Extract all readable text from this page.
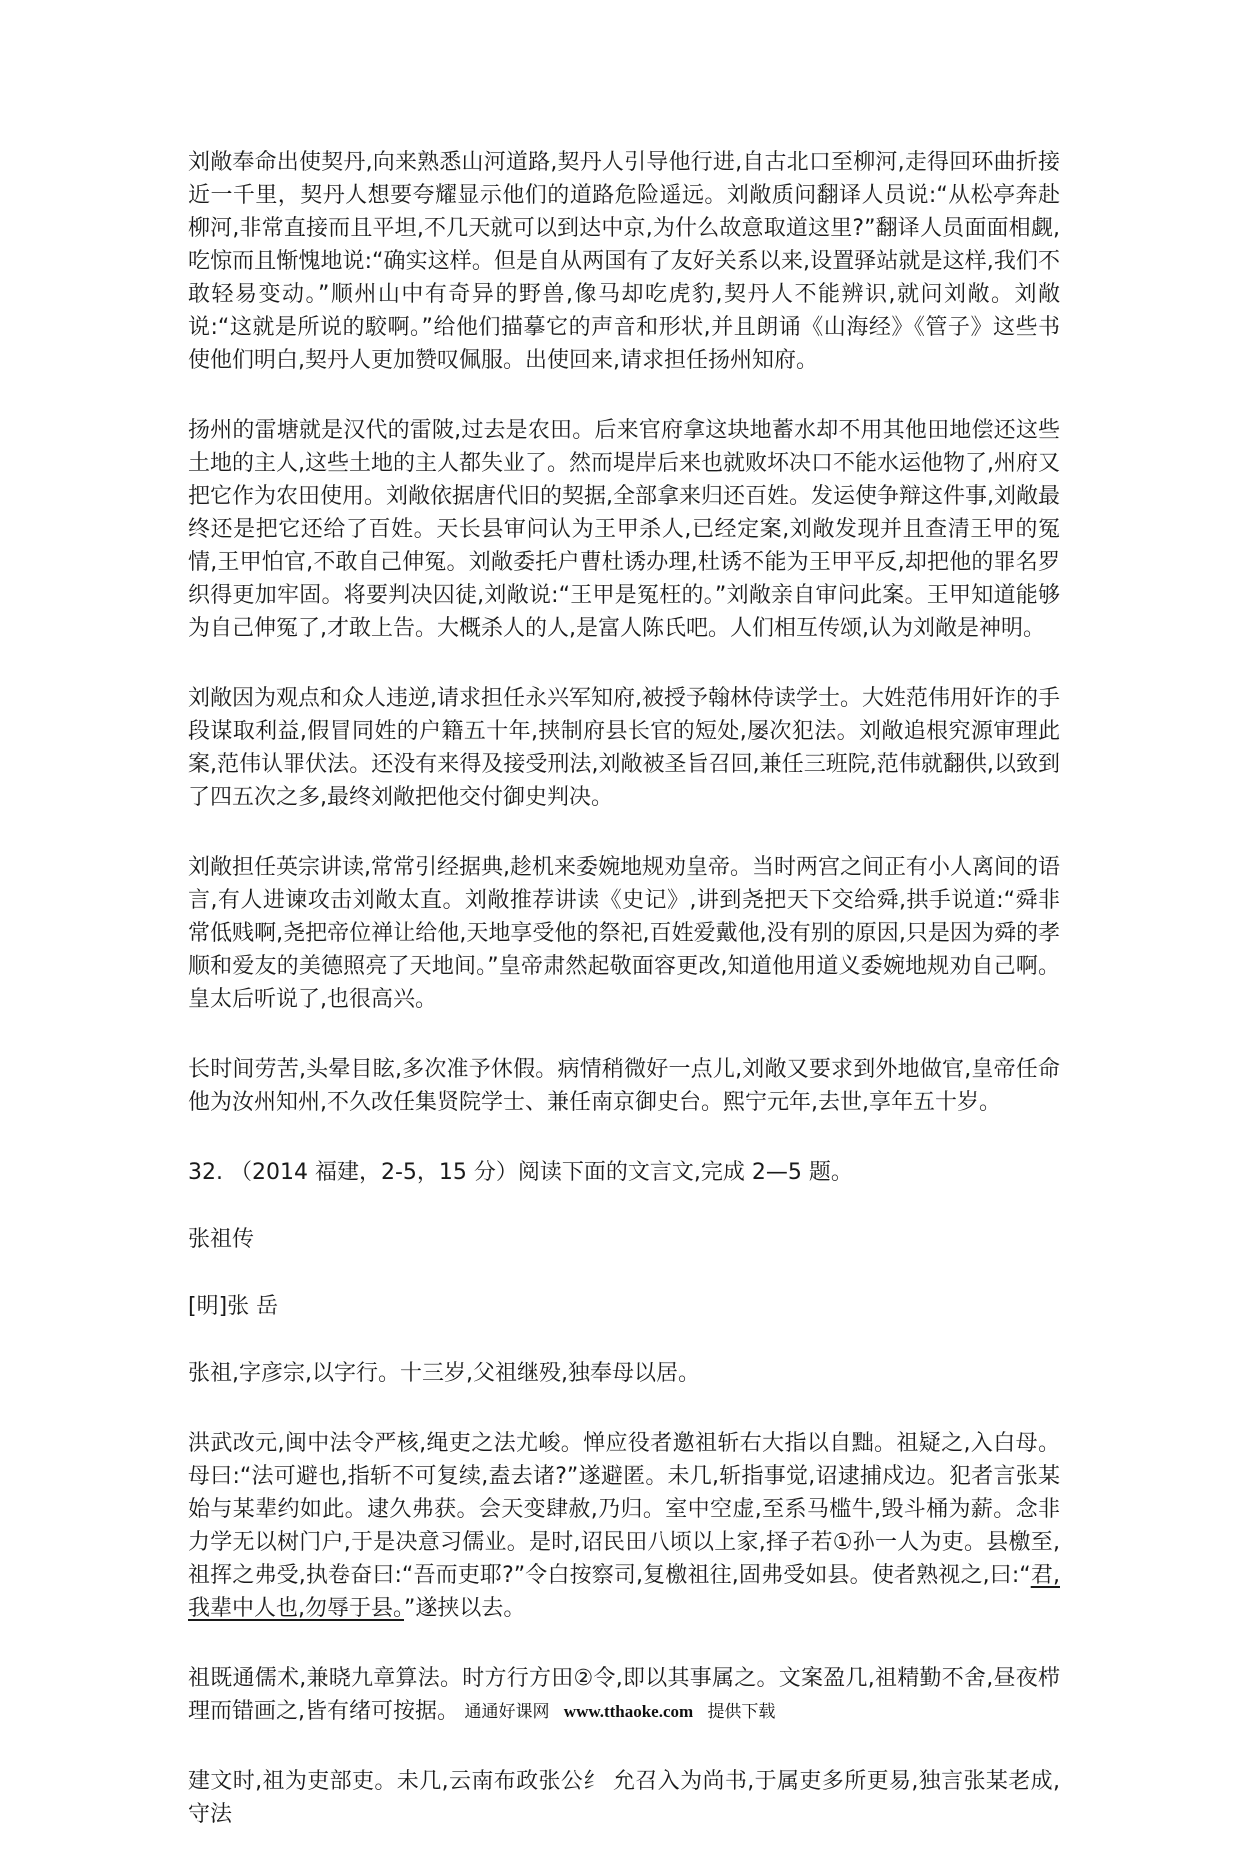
刘敞奉命出使契丹,向来熟悉山河道路,契丹人引导他行进,自古北口至柳河,走得回环曲折接近一千里，契丹人想要夸耀显示他们的道路危险遥远。刘敞质问翻译人员说:“从松亭奔赴柳河,非常直接而且平坦,不几天就可以到达中京,为什么故意取道这里?”翻译人员面面相觑,吃惊而且惭愧地说:“确实这样。但是自从两国有了友好关系以来,设置驿站就是这样,我们不敢轻易变动。”顺州山中有奇异的野兽,像马却吃虎豹,契丹人不能辨识,就问刘敞。刘敞说:“这就是所说的駮啊。”给他们描摹它的声音和形状,并且朗诵《山海经》《管子》这些书使他们明白,契丹人更加赞叹佩服。出使回来,请求担任扬州知府。

扬州的雷塘就是汉代的雷陂,过去是农田。后来官府拿这块地蓄水却不用其他田地偿还这些土地的主人,这些土地的主人都失业了。然而堤岸后来也就败坏决口不能水运他物了,州府又把它作为农田使用。刘敞依据唐代旧的契据,全部拿来归还百姓。发运使争辩这件事,刘敞最终还是把它还给了百姓。天长县审问认为王甲杀人,已经定案,刘敞发现并且查清王甲的冤情,王甲怕官,不敢自己伸冤。刘敞委托户曹杜诱办理,杜诱不能为王甲平反,却把他的罪名罗织得更加牢固。将要判决囚徒,刘敞说:“王甲是冤枉的。”刘敞亲自审问此案。王甲知道能够为自己伸冤了,才敢上告。大概杀人的人,是富人陈氏吧。人们相互传颂,认为刘敞是神明。

刘敞因为观点和众人违逆,请求担任永兴军知府,被授予翰林侍读学士。大姓范伟用奸诈的手段谋取利益,假冒同姓的户籍五十年,挟制府县长官的短处,屡次犯法。刘敞追根究源审理此案,范伟认罪伏法。还没有来得及接受刑法,刘敞被圣旨召回,兼任三班院,范伟就翻供,以致到了四五次之多,最终刘敞把他交付御史判决。

刘敞担任英宗讲读,常常引经据典,趁机来委婉地规劝皇帝。当时两宫之间正有小人离间的语言,有人进谏攻击刘敞太直。刘敞推荐讲读《史记》,讲到尧把天下交给舜,拱手说道:“舜非常低贱啊,尧把帝位禅让给他,天地享受他的祭祀,百姓爱戴他,没有别的原因,只是因为舜的孝顺和爱友的美德照亮了天地间。”皇帝肃然起敬面容更改,知道他用道义委婉地规劝自己啊。皇太后听说了,也很高兴。

长时间劳苦,头晕目眩,多次准予休假。病情稍微好一点儿,刘敞又要求到外地做官,皇帝任命他为汝州知州,不久改任集贤院学士、兼任南京御史台。熙宁元年,去世,享年五十岁。

32. （2014 福建，2-5，15 分）阅读下面的文言文,完成 2—5 题。

张祖传

[明]张 岳

张祖,字彦宗,以字行。十三岁,父祖继殁,独奉母以居。

洪武改元,闽中法令严核,绳吏之法尤峻。惮应役者邀祖斩右大指以自黜。祖疑之,入白母。母曰:“法可避也,指斩不可复续,盍去诸?”遂避匿。未几,斩指事觉,诏逮捕戍边。犯者言张某始与某辈约如此。逮久弗获。会天变肆赦,乃归。室中空虚,至系马槛牛,毁斗桶为薪。念非力学无以树门户,于是决意习儒业。是时,诏民田八顷以上家,择子若①孙一人为吏。县檄至,祖挥之弗受,执卷奋曰:“吾而吏耶?”令白按察司,复檄祖往,固弗受如县。使者熟视之,曰:“君,我辈中人也,勿辱于县。”遂挟以去。

祖既通儒术,兼晓九章算法。时方行方田②令,即以其事属之。文案盈几,祖精勤不舍,昼夜栉理而错画之,皆有绪可按据。

建文时,祖为吏部吏。未几,云南布政张公纟 允召入为尚书,于属吏多所更易,独言张某老成,守法

通通好课网 www.tthaoke.com 提供下载
